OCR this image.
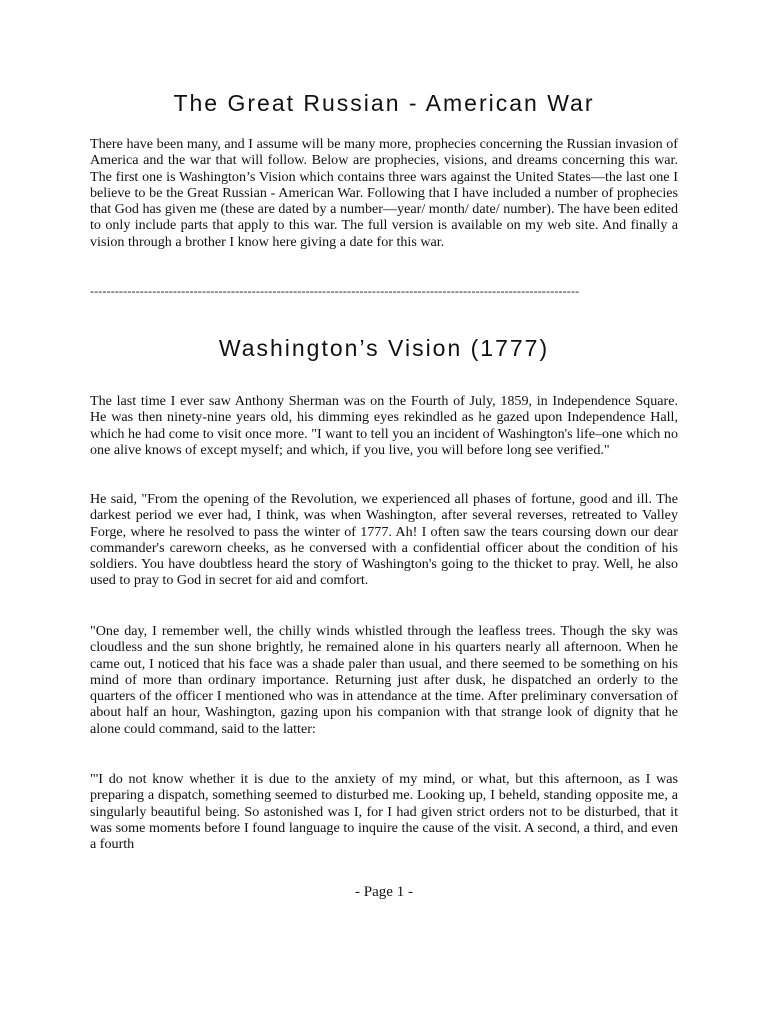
The Great Russian - American War

There have been many, and I assume will be many more, prophecies concerning the Russian invasion of America and the war that will follow. Below are prophecies, visions, and dreams concerning this war. The first one is Washington’s Vision which contains three wars against the United States—the last one I believe to be the Great Russian - American War. Following that I have included a number of prophecies that God has given me (these are dated by a number—year/ month/ date/ number). The have been edited to only include parts that apply to this war. The full version is available on my web site. And finally a vision through a brother I know here giving a date for this war.

----------------------------------------------------------------------------------------------------------------------
Washington’s Vision (1777)

The last time I ever saw Anthony Sherman was on the Fourth of July, 1859, in Independence Square. He was then ninety-nine years old, his dimming eyes rekindled as he gazed upon Independence Hall, which he had come to visit once more. "I want to tell you an incident of Washington's life–one which no one alive knows of except myself; and which, if you live, you will before long see verified."

He said, "From the opening of the Revolution, we experienced all phases of fortune, good and ill. The darkest period we ever had, I think, was when Washington, after several reverses, retreated to Valley Forge, where he resolved to pass the winter of 1777. Ah! I often saw the tears coursing down our dear commander's careworn cheeks, as he conversed with a confidential officer about the condition of his soldiers. You have doubtless heard the story of Washington's going to the thicket to pray. Well, he also used to pray to God in secret for aid and comfort.

"One day, I remember well, the chilly winds whistled through the leafless trees. Though the sky was cloudless and the sun shone brightly, he remained alone in his quarters nearly all afternoon. When he came out, I noticed that his face was a shade paler than usual, and there seemed to be something on his mind of more than ordinary importance. Returning just after dusk, he dispatched an orderly to the quarters of the officer I mentioned who was in attendance at the time. After preliminary conversation of about half an hour, Washington, gazing upon his companion with that strange look of dignity that he alone could command, said to the latter:

"'I do not know whether it is due to the anxiety of my mind, or what, but this afternoon, as I was preparing a dispatch, something seemed to disturbed me. Looking up, I beheld, standing opposite me, a singularly beautiful being. So astonished was I, for I had given strict orders not to be disturbed, that it was some moments before I found language to inquire the cause of the visit. A second, a third, and even a fourth

- Page 1 -
